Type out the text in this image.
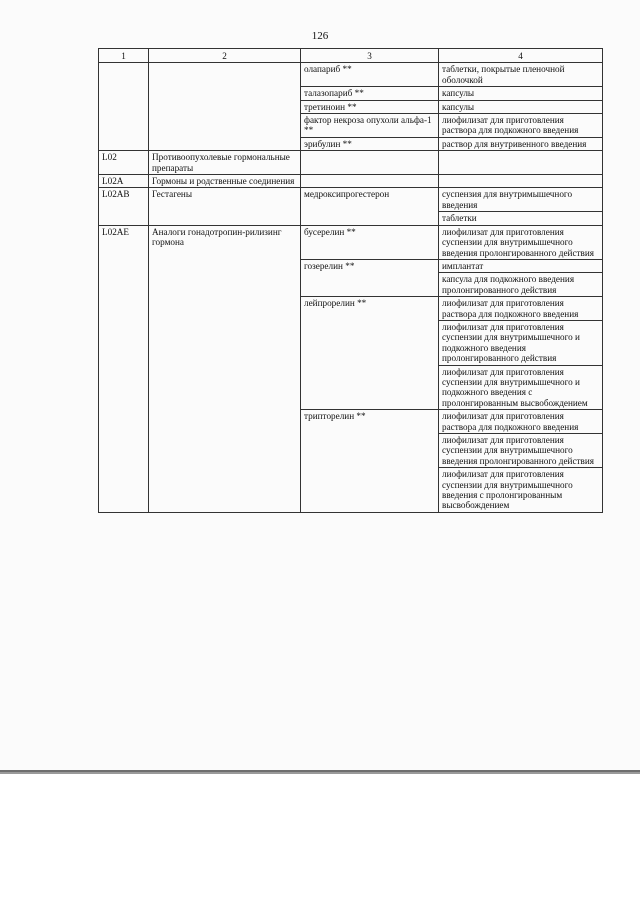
126
1	2	3	4
		олапариб **	таблетки, покрытые пленочной оболочкой
		талазопариб **	капсулы
		третиноин **	капсулы
		фактор некроза опухоли альфа-1 **	лиофилизат для приготовления раствора для подкожного введения
		эрибулин **	раствор для внутривенного введения
L02	Противоопухолевые гормональные препараты		
L02A	Гормоны и родственные соединения		
L02AB	Гестагены	медроксипрогестерон	суспензия для внутримышечного введения
			таблетки
L02AE	Аналоги гонадотропин-рилизинг гормона	бусерелин **	лиофилизат для приготовления суспензии для внутримышечного введения пролонгированного действия
		гозерелин **	имплантат
			капсула для подкожного введения пролонгированного действия
		лейпрорелин **	лиофилизат для приготовления раствора для подкожного введения
			лиофилизат для приготовления суспензии для внутримышечного и подкожного введения пролонгированного действия
			лиофилизат для приготовления суспензии для внутримышечного и подкожного введения с пролонгированным высвобождением
		трипторелин **	лиофилизат для приготовления раствора для подкожного введения
			лиофилизат для приготовления суспензии для внутримышечного введения пролонгированного действия
			лиофилизат для приготовления суспензии для внутримышечного введения с пролонгированным высвобождением
